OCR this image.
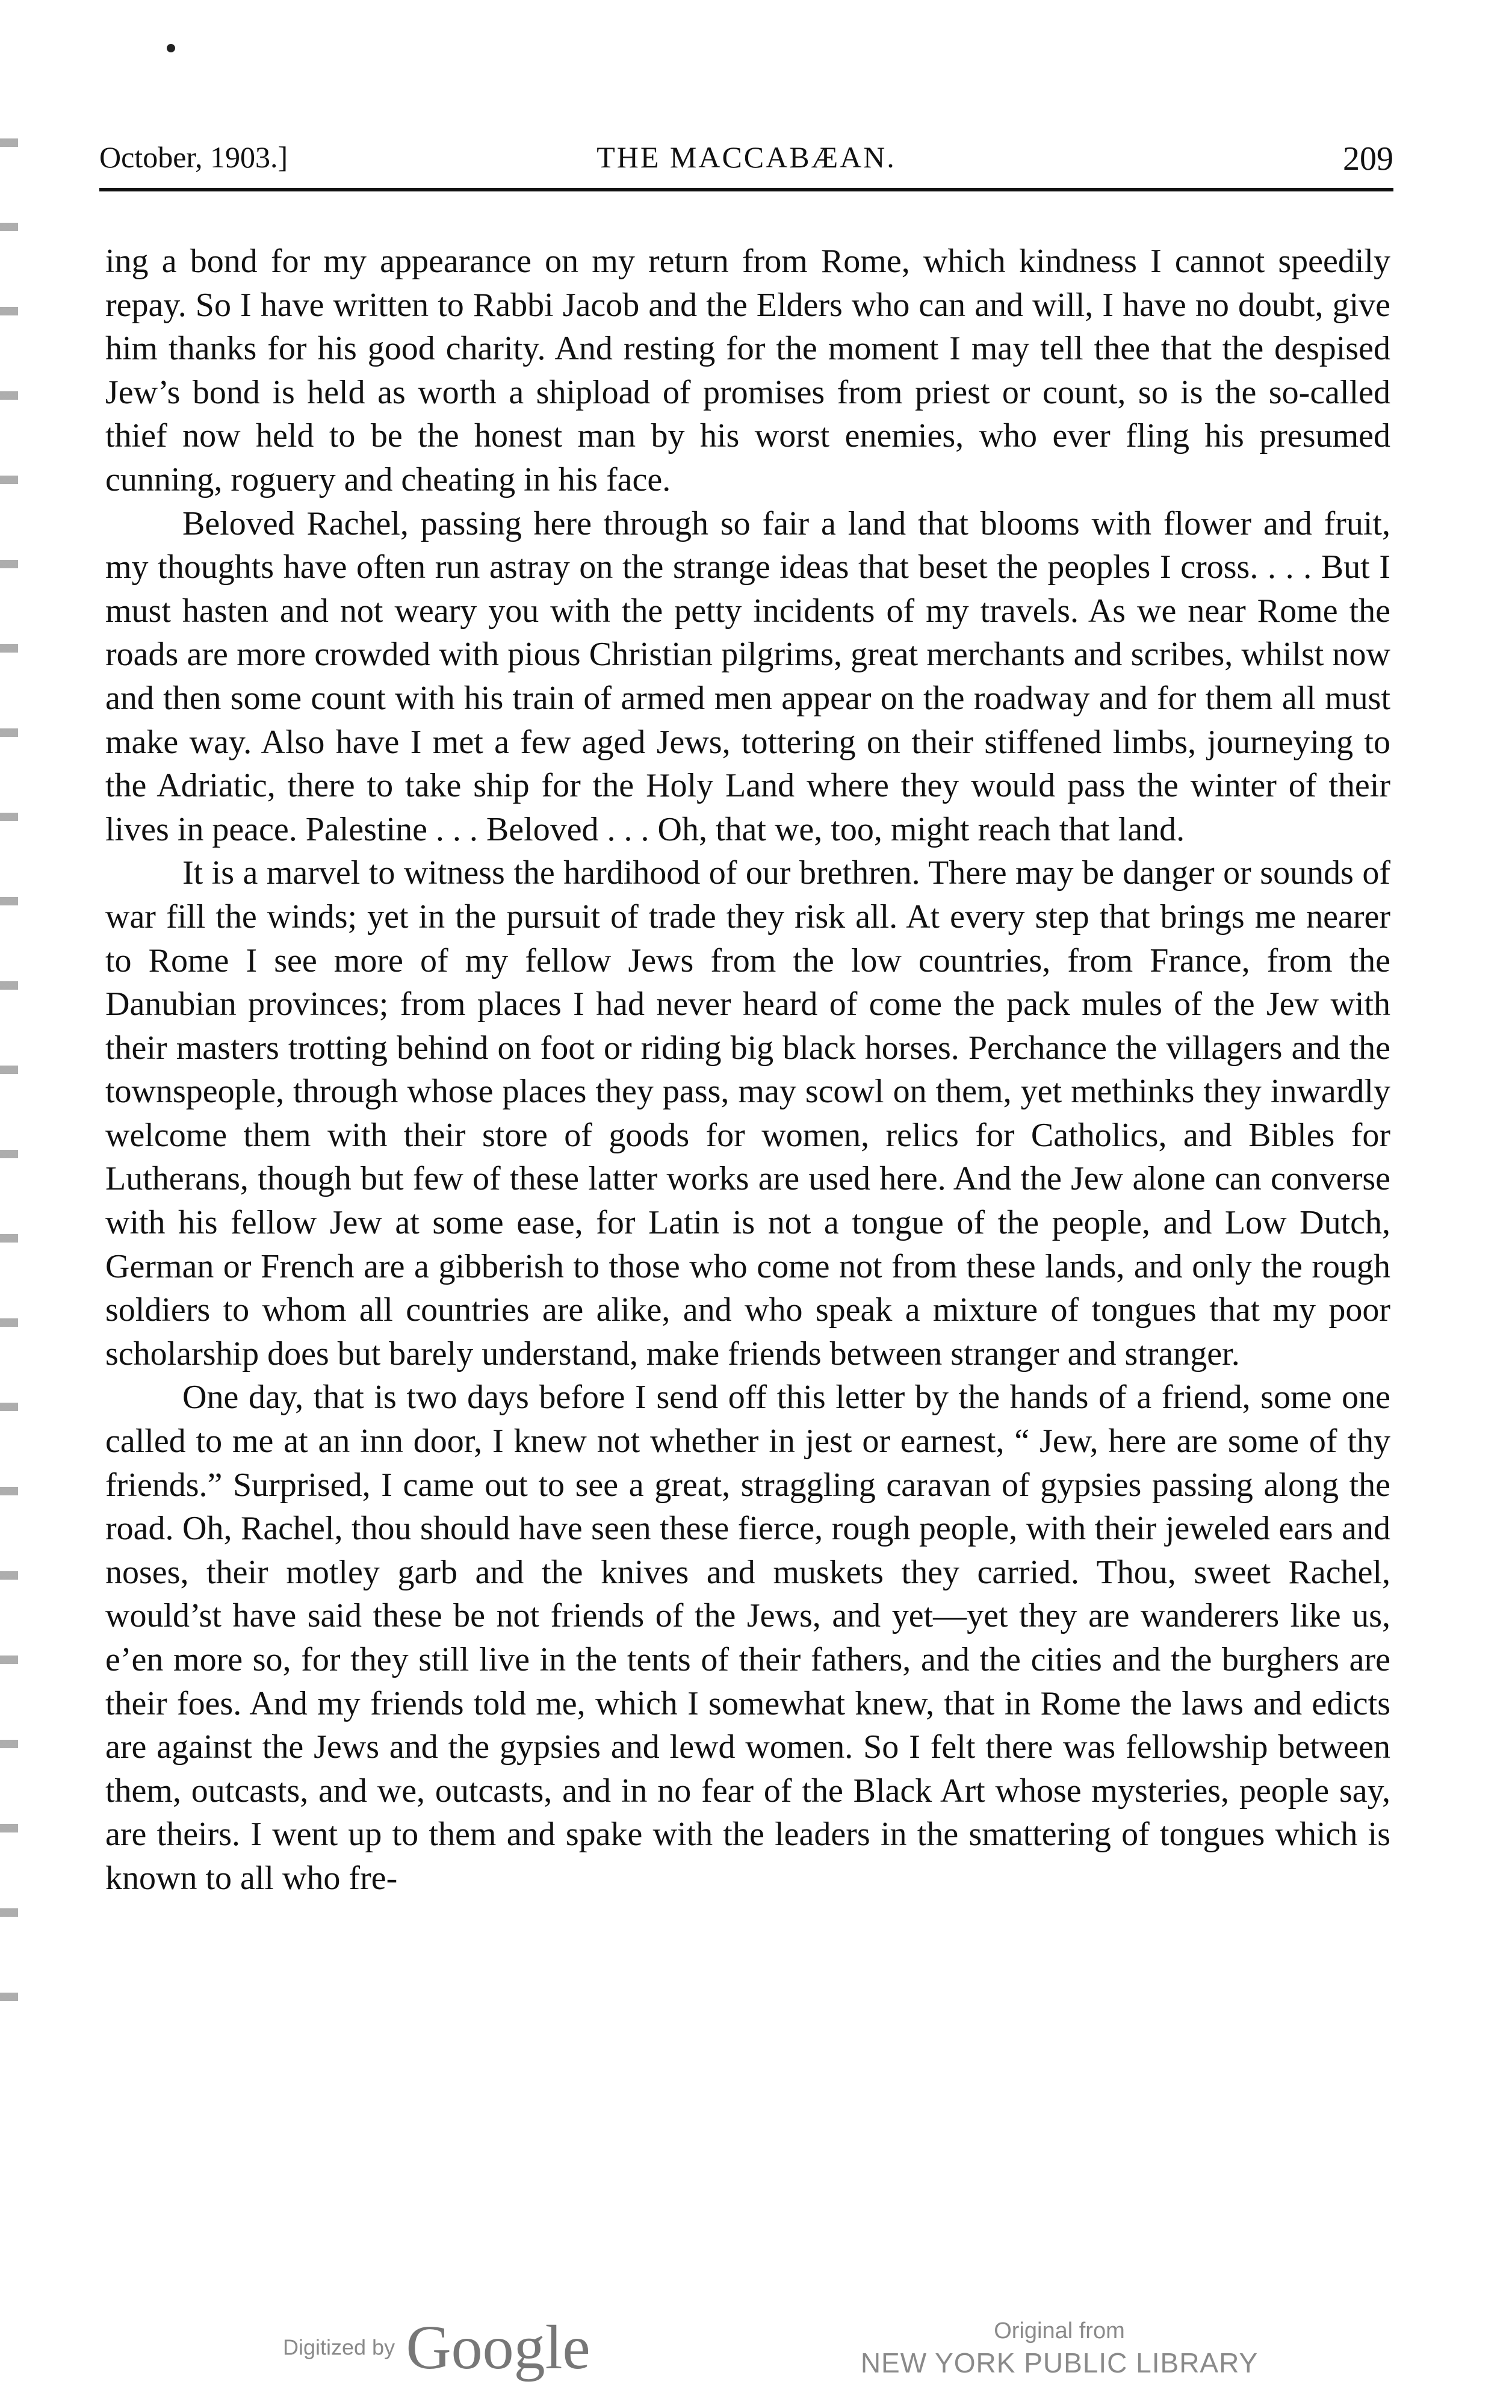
October, 1903.]	THE MACCABÆAN.	209

ing a bond for my appearance on my return from Rome, which kindness I cannot speedily repay. So I have written to Rabbi Jacob and the Elders who can and will, I have no doubt, give him thanks for his good charity. And resting for the moment I may tell thee that the despised Jew’s bond is held as worth a shipload of promises from priest or count, so is the so-called thief now held to be the honest man by his worst enemies, who ever fling his presumed cunning, roguery and cheating in his face.

Beloved Rachel, passing here through so fair a land that blooms with flower and fruit, my thoughts have often run astray on the strange ideas that beset the peoples I cross. . . . But I must hasten and not weary you with the petty incidents of my travels. As we near Rome the roads are more crowded with pious Christian pilgrims, great merchants and scribes, whilst now and then some count with his train of armed men appear on the roadway and for them all must make way. Also have I met a few aged Jews, tottering on their stiffened limbs, journeying to the Adriatic, there to take ship for the Holy Land where they would pass the winter of their lives in peace. Palestine . . . Beloved . . . Oh, that we, too, might reach that land.

It is a marvel to witness the hardihood of our brethren. There may be danger or sounds of war fill the winds; yet in the pursuit of trade they risk all. At every step that brings me nearer to Rome I see more of my fellow Jews from the low countries, from France, from the Danubian provinces; from places I had never heard of come the pack mules of the Jew with their masters trotting behind on foot or riding big black horses. Perchance the villagers and the townspeople, through whose places they pass, may scowl on them, yet methinks they inwardly welcome them with their store of goods for women, relics for Catholics, and Bibles for Lutherans, though but few of these latter works are used here. And the Jew alone can converse with his fellow Jew at some ease, for Latin is not a tongue of the people, and Low Dutch, German or French are a gibberish to those who come not from these lands, and only the rough soldiers to whom all countries are alike, and who speak a mixture of tongues that my poor scholarship does but barely understand, make friends between stranger and stranger.

One day, that is two days before I send off this letter by the hands of a friend, some one called to me at an inn door, I knew not whether in jest or earnest, “ Jew, here are some of thy friends.” Surprised, I came out to see a great, straggling caravan of gypsies passing along the road. Oh, Rachel, thou should have seen these fierce, rough people, with their jeweled ears and noses, their motley garb and the knives and muskets they carried. Thou, sweet Rachel, would’st have said these be not friends of the Jews, and yet—yet they are wanderers like us, e’en more so, for they still live in the tents of their fathers, and the cities and the burghers are their foes. And my friends told me, which I somewhat knew, that in Rome the laws and edicts are against the Jews and the gypsies and lewd women. So I felt there was fellowship between them, outcasts, and we, outcasts, and in no fear of the Black Art whose mysteries, people say, are theirs. I went up to them and spake with the leaders in the smattering of tongues which is known to all who fre-

Digitized by Google	Original from
NEW YORK PUBLIC LIBRARY
